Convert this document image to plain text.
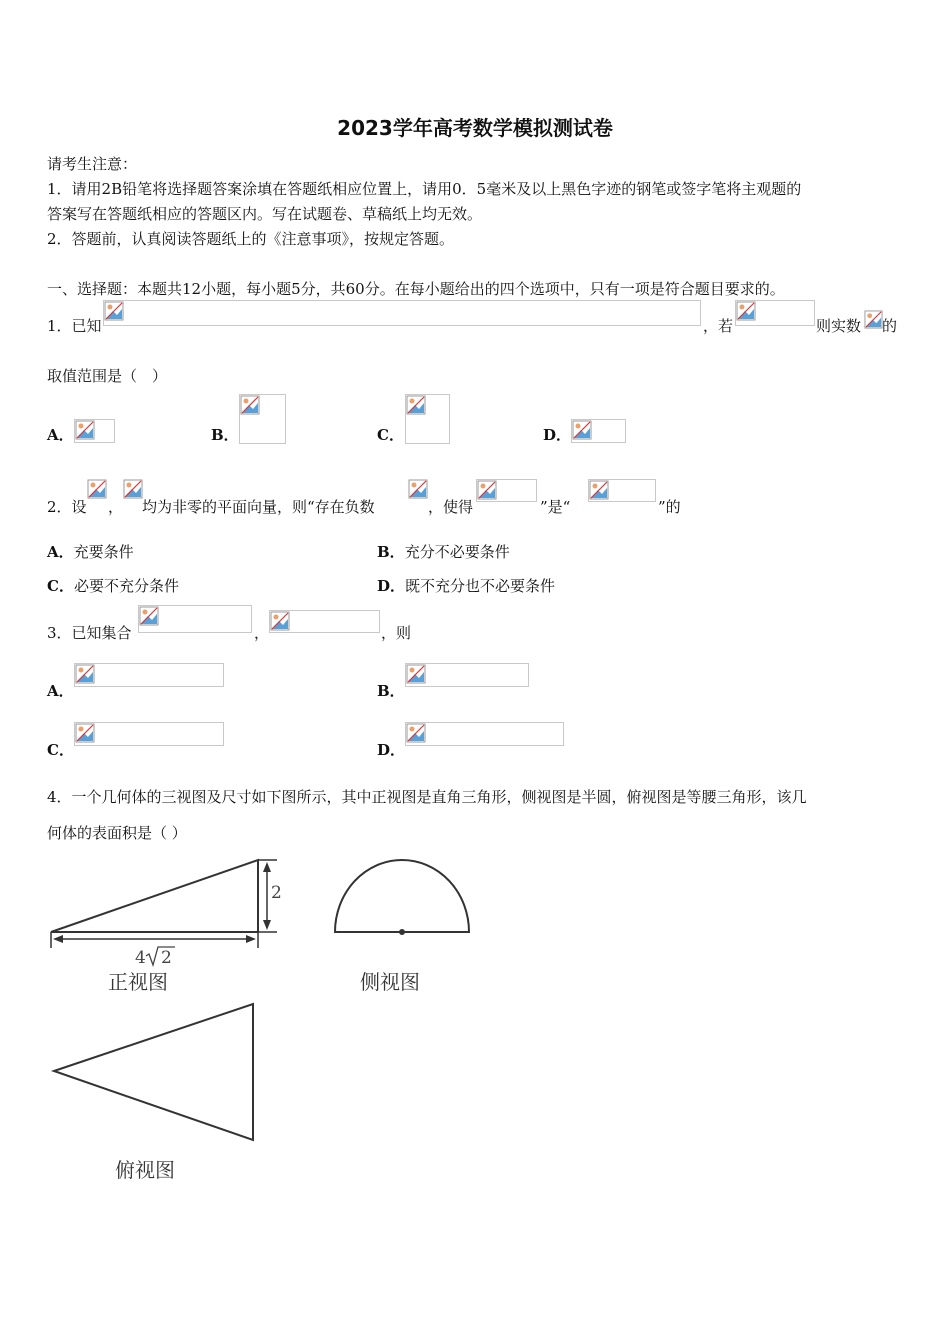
2023学年高考数学模拟测试卷
请考生注意：
1．请用2B铅笔将选择题答案涂填在答题纸相应位置上，请用0．5毫米及以上黑色字迹的钢笔或签字笔将主观题的
答案写在答题纸相应的答题区内。写在试题卷、草稿纸上均无效。
2．答题前，认真阅读答题纸上的《注意事项》，按规定答题。
一、选择题：本题共12小题，每小题5分，共60分。在每小题给出的四个选项中，只有一项是符合题目要求的。
1．已知	，若	则实数 的
取值范围是（　）
A．	B．	C．	D．
2．设 ， 均为非零的平面向量，则“存在负数	，使得	”是“	”的
A．充要条件	B．充分不必要条件
C．必要不充分条件	D．既不充分也不必要条件
3．已知集合	，	，则
A．	B．
C．	D．
4．一个几何体的三视图及尺寸如下图所示，其中正视图是直角三角形，侧视图是半圆，俯视图是等腰三角形，该几
何体的表面积是（ ）
2
4 2
正视图	侧视图
俯视图
